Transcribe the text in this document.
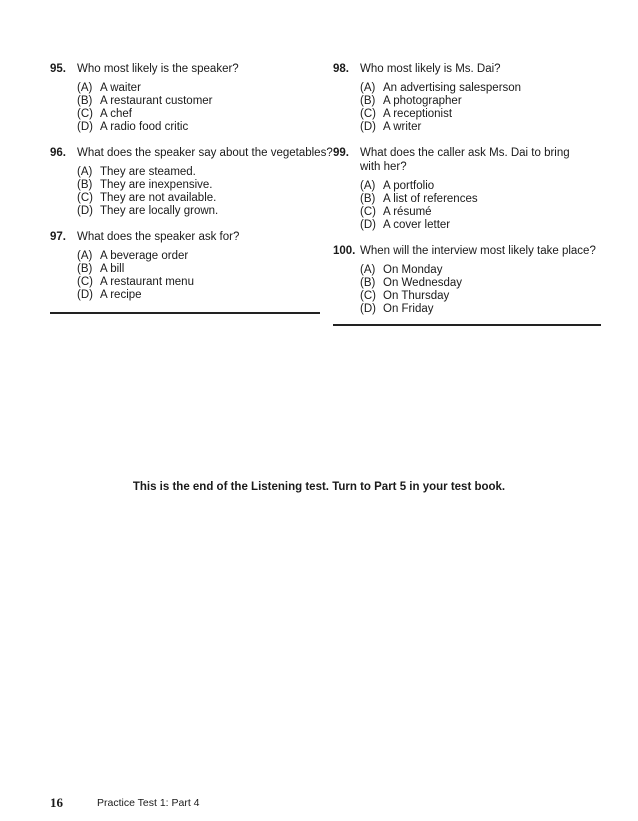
95. Who most likely is the speaker?
(A) A waiter
(B) A restaurant customer
(C) A chef
(D) A radio food critic
96. What does the speaker say about the vegetables?
(A) They are steamed.
(B) They are inexpensive.
(C) They are not available.
(D) They are locally grown.
97. What does the speaker ask for?
(A) A beverage order
(B) A bill
(C) A restaurant menu
(D) A recipe
98. Who most likely is Ms. Dai?
(A) An advertising salesperson
(B) A photographer
(C) A receptionist
(D) A writer
99. What does the caller ask Ms. Dai to bring with her?
(A) A portfolio
(B) A list of references
(C) A résumé
(D) A cover letter
100. When will the interview most likely take place?
(A) On Monday
(B) On Wednesday
(C) On Thursday
(D) On Friday
This is the end of the Listening test. Turn to Part 5 in your test book.
16	Practice Test 1: Part 4
